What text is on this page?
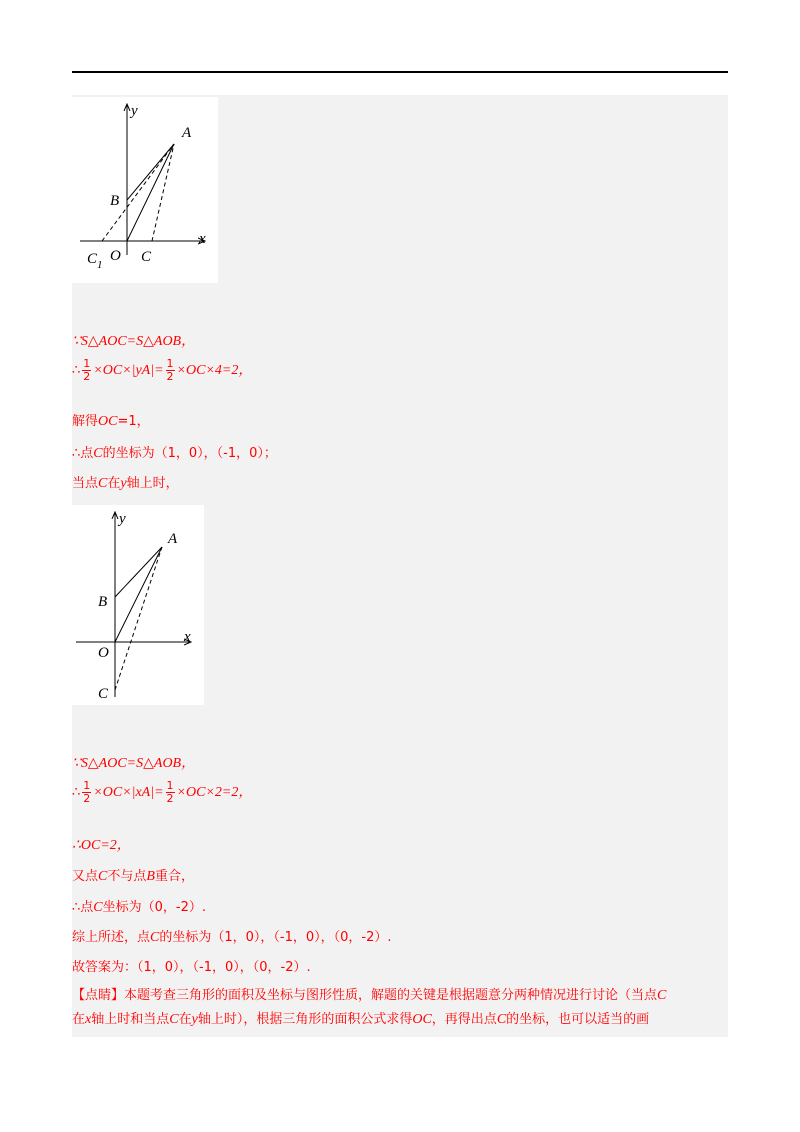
y
A
B
x
C 1
O C
∵S△AOC=S△AOB，
∴ $\frac{1}{2} \times OC\times|yA|= \frac{1}{2} \times OC\times 4=2$，
解得OC=1，
∴点C的坐标为（1，0），（-1，0）；
当点C在y轴上时，
y
A
B
x
O
C
∵S△AOC=S△AOB，
∴ $\frac{1}{2} \times OC\times|xA|= \frac{1}{2} \times OC\times 2=2$，
∴OC=2，
又点C不与点B重合，
∴点C坐标为（0，-2）.
综上所述，点C的坐标为（1，0），（-1，0），（0，-2）.
故答案为：（1，0），（-1，0），（0，-2）.
【点睛】本题考查三角形的面积及坐标与图形性质，解题的关键是根据题意分两种情况进行讨论（当点C
在x轴上时和当点C在y轴上时），根据三角形的面积公式求得OC，再得出点C的坐标，也可以适当的画
